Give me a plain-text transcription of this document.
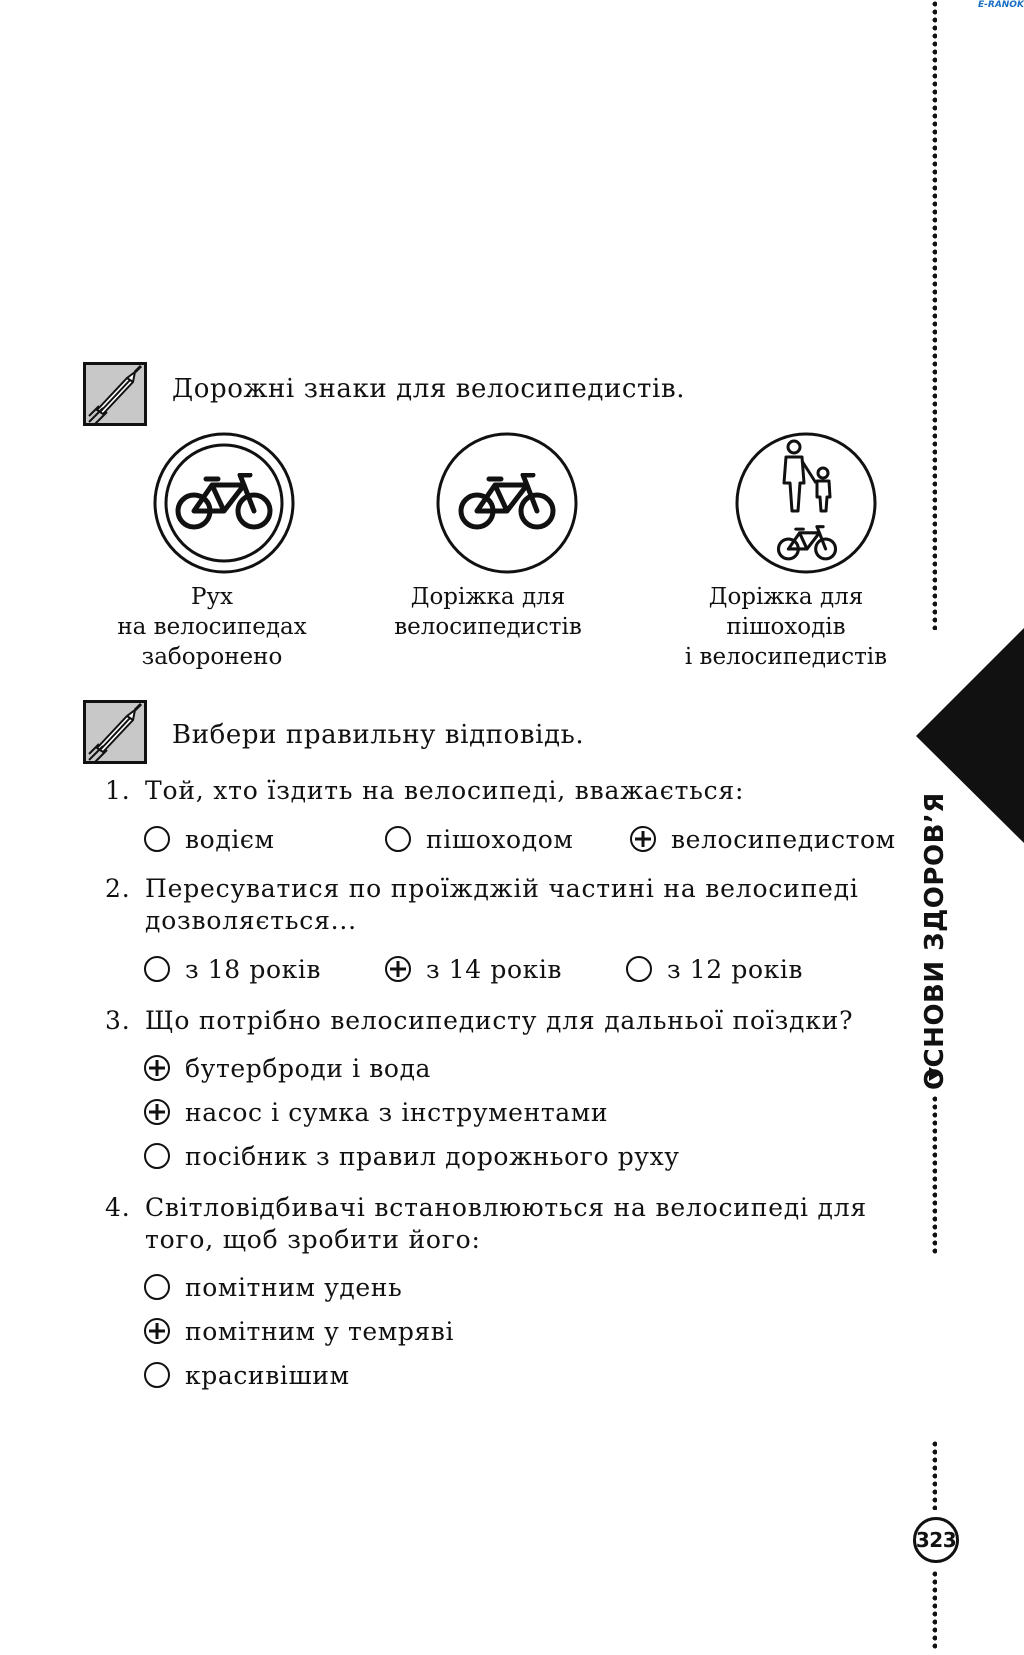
E-RANOK
ОСНОВИ ЗДОРОВ’Я
323
Дорожні знаки для велосипедистів.
Рух
на велосипедах
заборонено
Доріжка для
велосипедистів
Доріжка для
пішоходів
і велосипедистів
Вибери правильну відповідь.
1. Той, хто їздить на велосипеді, вважається:
водієм	пішоходом	велосипедистом
2. Пересуватися по проїжджій частині на велосипеді
дозволяється...
з 18 років	з 14 років	з 12 років
3. Що потрібно велосипедисту для дальньої поїздки?
бутерброди і вода
насос і сумка з інструментами
посібник з правил дорожнього руху
4. Світловідбивачі встановлюються на велосипеді для
того, щоб зробити його:
помітним удень
помітним у темряві
красивішим
